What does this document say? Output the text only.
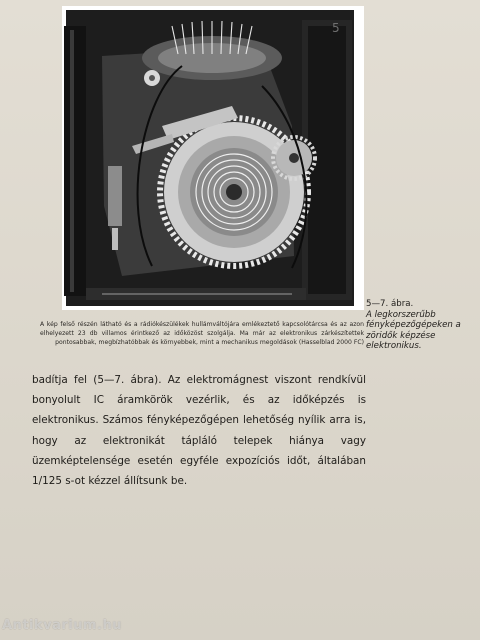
5
A kép felső részén látható és a rádiókészülékek hullámváltójára emlékeztető kapcsolótárcsa és az azon elhelyezett 23 db villamos érintkező az időközöst szolgálja. Ma már az elektronikus zárkészítettek pontosabbak, megbízhatóbbak és környebbek, mint a mechanikus megoldások (Hasselblad 2000 FC)
5—7. ábra.
A legkorszerűbb fényképezőgépeken a zöridők képzése elektronikus.
badítja fel (5—7. ábra). Az elektromágnest viszont rendkívül bonyolult IC áramkörök vezérlik, és az időképzés is elektronikus. Számos fényképezőgépen lehetőség nyílik arra is, hogy az elektronikát tápláló telepek hiánya vagy üzemképtelensége esetén egyféle expozíciós időt, általában 1/125 s-ot kézzel állítsunk be.
Antikvarium.hu
